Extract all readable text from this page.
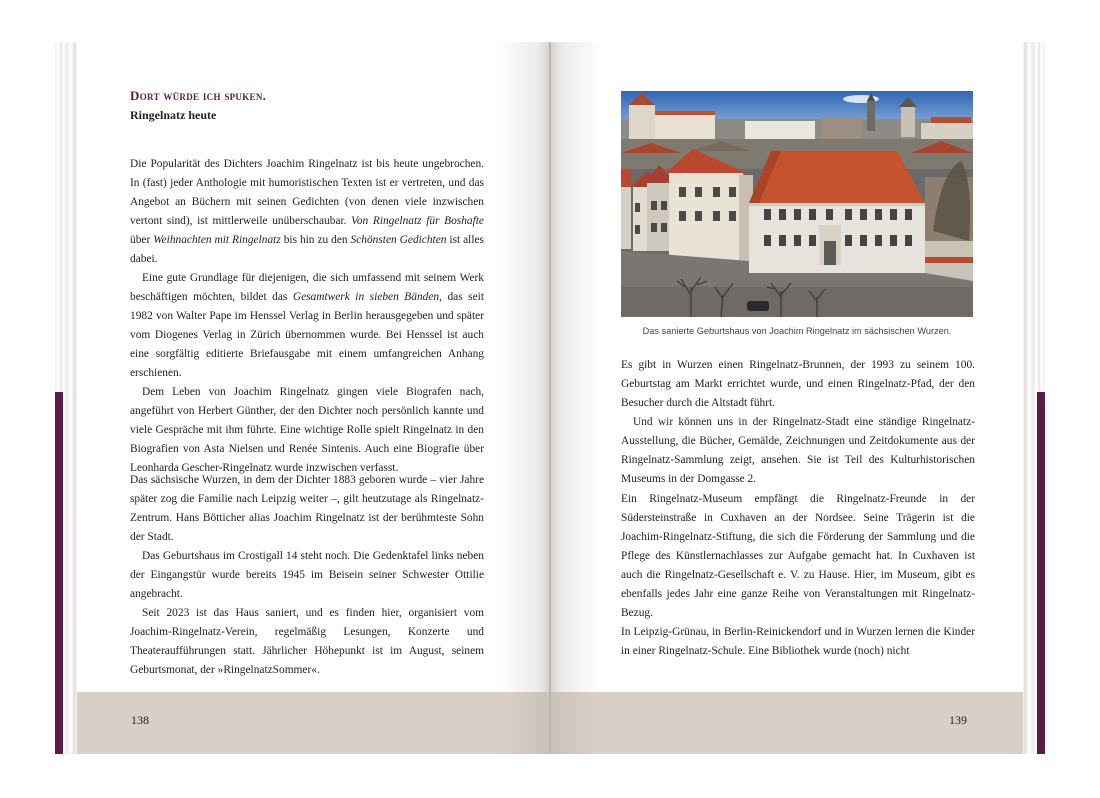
Dort würde ich spuken.
Ringelnatz heute

Die Popularität des Dichters Joachim Ringelnatz ist bis heute ungebrochen. In (fast) jeder Anthologie mit humoristischen Texten ist er vertreten, und das Angebot an Büchern mit seinen Gedichten (von denen viele inzwischen vertont sind), ist mittlerweile unüberschaubar. Von Ringelnatz für Boshafte über Weihnachten mit Ringelnatz bis hin zu den Schönsten Gedichten ist alles dabei.

Eine gute Grundlage für diejenigen, die sich umfassend mit seinem Werk beschäftigen möchten, bildet das Gesamtwerk in sieben Bänden, das seit 1982 von Walter Pape im Henssel Verlag in Berlin herausgegeben und später vom Diogenes Verlag in Zürich übernommen wurde. Bei Henssel ist auch eine sorgfältig editierte Briefausgabe mit einem umfangreichen Anhang erschienen.

Dem Leben von Joachim Ringelnatz gingen viele Biografen nach, angeführt von Herbert Günther, der den Dichter noch persönlich kannte und viele Gespräche mit ihm führte. Eine wichtige Rolle spielt Ringelnatz in den Biografien von Asta Nielsen und Renée Sintenis. Auch eine Biografie über Leonharda Gescher-Ringelnatz wurde inzwischen verfasst.

Das sächsische Wurzen, in dem der Dichter 1883 geboren wurde – vier Jahre später zog die Familie nach Leipzig weiter –, gilt heutzutage als Ringelnatz-Zentrum. Hans Bötticher alias Joachim Ringelnatz ist der berühmteste Sohn der Stadt.

Das Geburtshaus im Crostigall 14 steht noch. Die Gedenktafel links neben der Eingangstür wurde bereits 1945 im Beisein seiner Schwester Ottilie angebracht.

Seit 2023 ist das Haus saniert, und es finden hier, organisiert vom Joachim-Ringelnatz-Verein, regelmäßig Lesungen, Konzerte und Theateraufführungen statt. Jährlicher Höhepunkt ist im August, seinem Geburtsmonat, der »RingelnatzSommer«.

138
Das sanierte Geburtshaus von Joachim Ringelnatz im sächsischen Wurzen.

Es gibt in Wurzen einen Ringelnatz-Brunnen, der 1993 zu seinem 100. Geburtstag am Markt errichtet wurde, und einen Ringelnatz-Pfad, der den Besucher durch die Altstadt führt.

Und wir können uns in der Ringelnatz-Stadt eine ständige Ringelnatz-Ausstellung, die Bücher, Gemälde, Zeichnungen und Zeitdokumente aus der Ringelnatz-Sammlung zeigt, ansehen. Sie ist Teil des Kulturhistorischen Museums in der Domgasse 2.

Ein Ringelnatz-Museum empfängt die Ringelnatz-Freunde in der Südersteinstraße in Cuxhaven an der Nordsee. Seine Trägerin ist die Joachim-Ringelnatz-Stiftung, die sich die Förderung der Sammlung und die Pflege des Künstlernachlasses zur Aufgabe gemacht hat. In Cuxhaven ist auch die Ringelnatz-Gesellschaft e. V. zu Hause. Hier, im Museum, gibt es ebenfalls jedes Jahr eine ganze Reihe von Veranstaltungen mit Ringelnatz-Bezug.

In Leipzig-Grünau, in Berlin-Reinickendorf und in Wurzen lernen die Kinder in einer Ringelnatz-Schule. Eine Bibliothek wurde (noch) nicht

139
